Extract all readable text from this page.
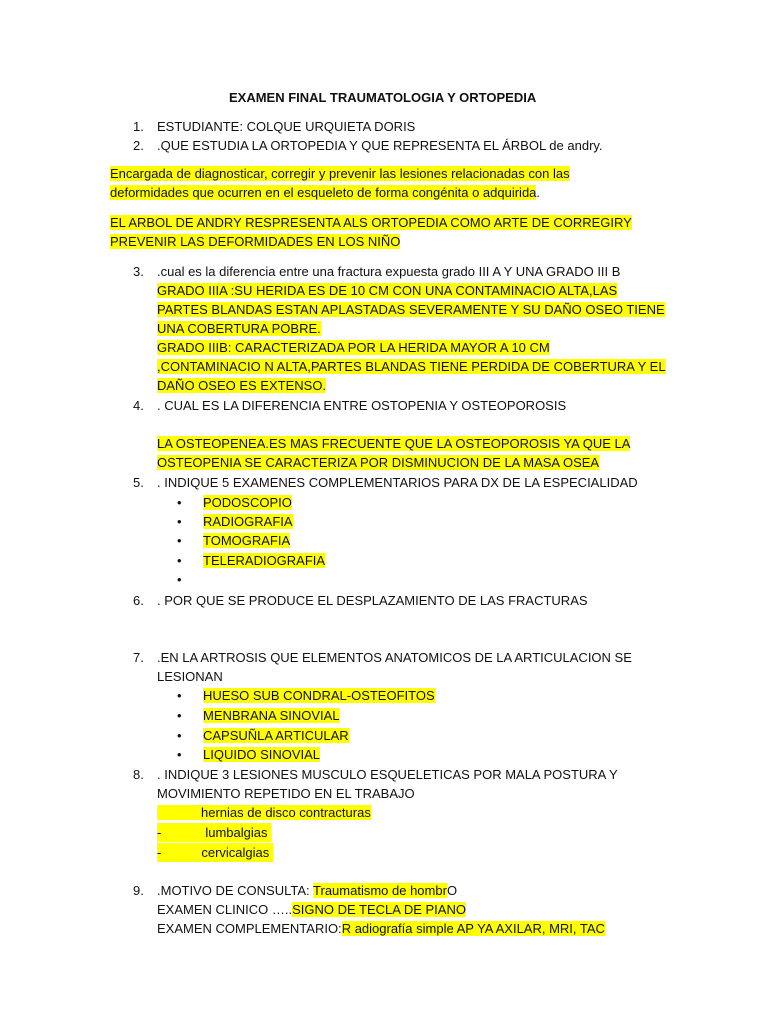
EXAMEN FINAL TRAUMATOLOGIA Y ORTOPEDIA
1. ESTUDIANTE: COLQUE URQUIETA DORIS
2. .QUE ESTUDIA LA ORTOPEDIA Y QUE REPRESENTA EL ÁRBOL de andry.
Encargada de diagnosticar, corregir y prevenir las lesiones relacionadas con las
deformidades que ocurren en el esqueleto de forma congénita o adquirida.
EL ARBOL DE ANDRY RESPRESENTA ALS ORTOPEDIA COMO ARTE DE CORREGIRY
PREVENIR LAS DEFORMIDADES EN LOS NIÑO
3. .cual es la diferencia entre una fractura expuesta grado III A Y UNA GRADO III B
GRADO IIIA :SU HERIDA ES DE 10 CM CON UNA CONTAMINACIO ALTA,LAS
PARTES BLANDAS ESTAN APLASTADAS SEVERAMENTE Y SU DAÑO OSEO TIENE
UNA COBERTURA POBRE.
GRADO IIIB: CARACTERIZADA POR LA HERIDA MAYOR A 10 CM
,CONTAMINACIO N ALTA,PARTES BLANDAS TIENE PERDIDA DE COBERTURA Y EL
DAÑO OSEO ES EXTENSO.
4. . CUAL ES LA DIFERENCIA ENTRE OSTOPENIA Y OSTEOPOROSIS
LA OSTEOPENEA.ES MAS FRECUENTE QUE LA OSTEOPOROSIS YA QUE LA
OSTEOPENIA SE CARACTERIZA POR DISMINUCION DE LA MASA OSEA
5. . INDIQUE 5 EXAMENES COMPLEMENTARIOS PARA DX DE LA ESPECIALIDAD
• PODOSCOPIO
• RADIOGRAFIA
• TOMOGRAFIA
• TELERADIOGRAFIA
•
6. . POR QUE SE PRODUCE EL DESPLAZAMIENTO DE LAS FRACTURAS
7. .EN LA ARTROSIS QUE ELEMENTOS ANATOMICOS DE LA ARTICULACION SE
LESIONAN
• HUESO SUB CONDRAL-OSTEOFITOS
• MENBRANA SINOVIAL
• CAPSUÑLA ARTICULAR
• LIQUIDO SINOVIAL
8. . INDIQUE 3 LESIONES MUSCULO ESQUELETICAS POR MALA POSTURA Y
MOVIMIENTO REPETIDO EN EL TRABAJO
hernias de disco contracturas
-	lumbalgias
-	cervicalgias
9. .MOTIVO DE CONSULTA: Traumatismo de hombrO
EXAMEN CLINICO …..SIGNO DE TECLA DE PIANO
EXAMEN COMPLEMENTARIO:R adiografía simple AP YA AXILAR, MRI, TAC
